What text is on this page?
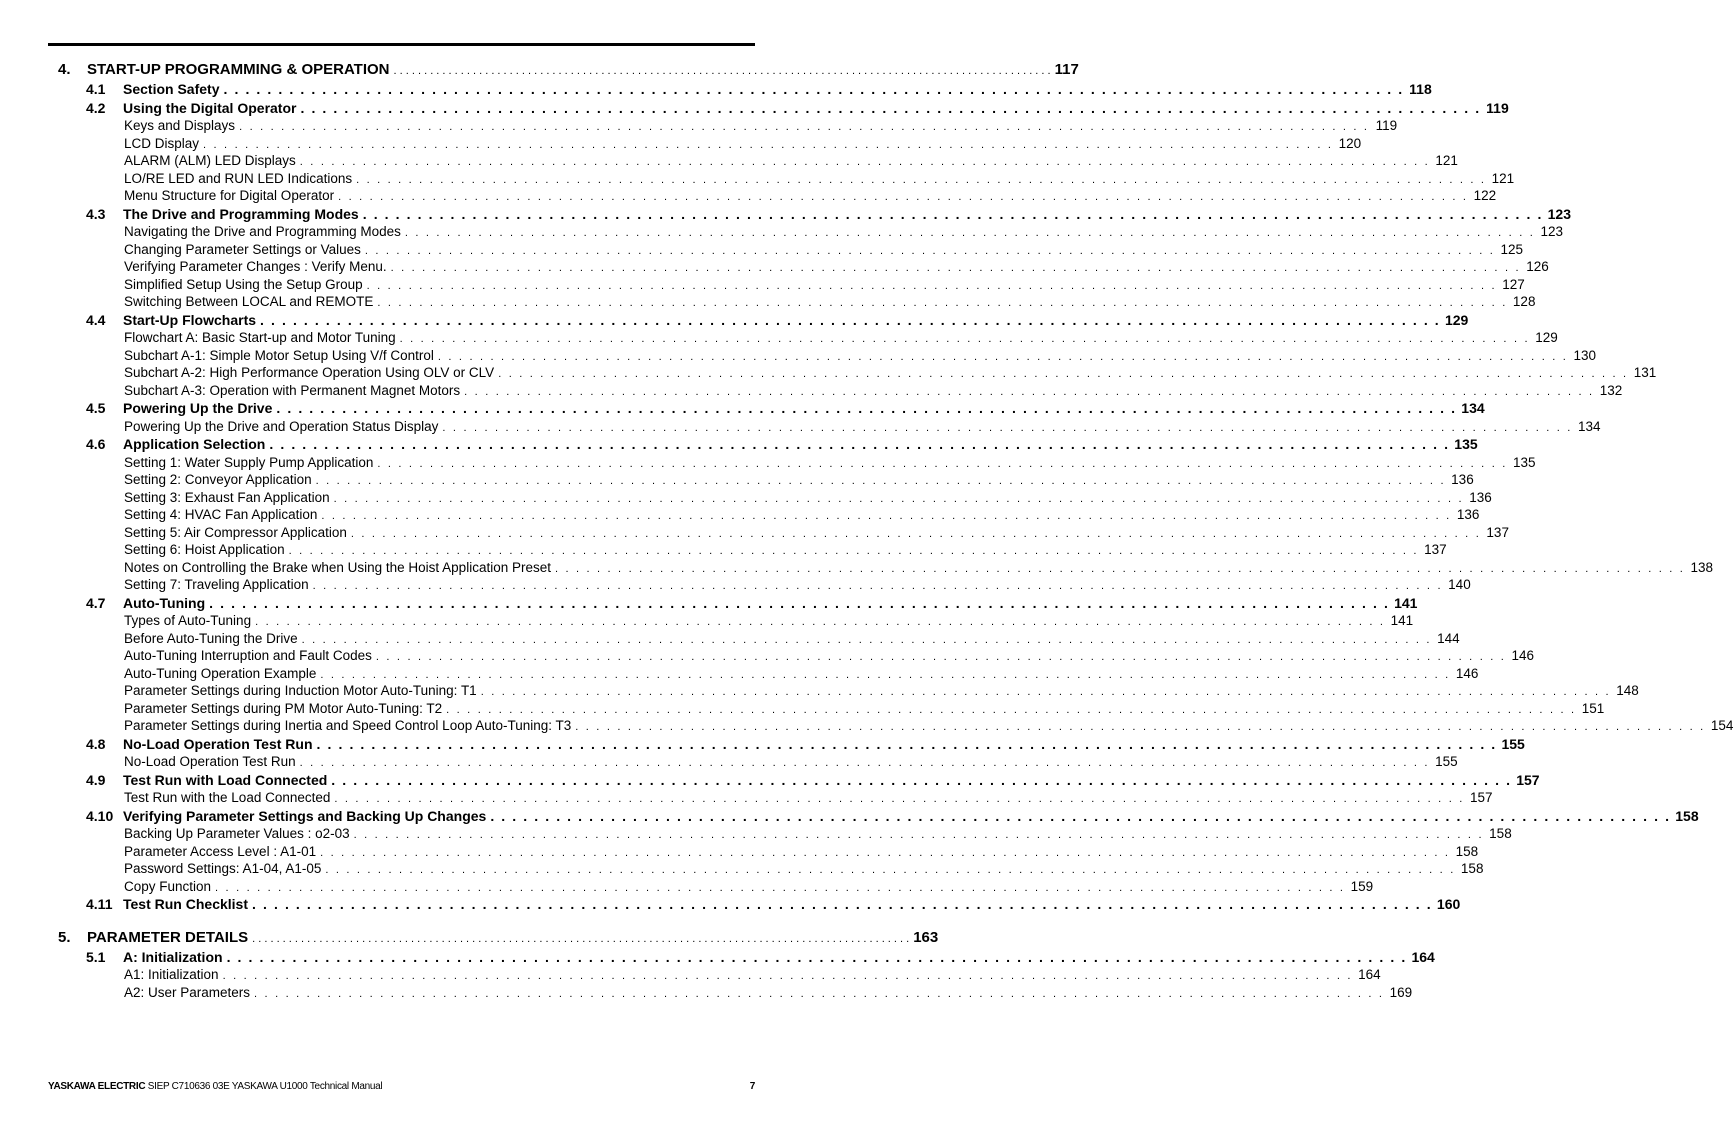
4.	START-UP PROGRAMMING & OPERATION . . . . . . . . . . . . . . . . . . . . . . . . . . . . . . . . . . . . . . . . . . . . . . . . . . . . . . . . . . . . . . . . . . . . . . . . . . . . . . . . . . . . . . . . . . . . . . . . . . . . . . . . . . . . 117
4.1	Section Safety . . . . . . . . . . . . . . . . . . . . . . . . . . . . . . . . . . . . . . . . . . . . . . . . . . . . . . . . . . . . . . . . . . . . . . . . . . . . . . . . . . . . . . . . . . . . . . . . . . . . . . . . . . . . 118
4.2	Using the Digital Operator . . . . . . . . . . . . . . . . . . . . . . . . . . . . . . . . . . . . . . . . . . . . . . . . . . . . . . . . . . . . . . . . . . . . . . . . . . . . . . . . . . . . . . . . . . . . . . . . . . . . . . . . . . . . 119
Keys and Displays . . . . . . . . . . . . . . . . . . . . . . . . . . . . . . . . . . . . . . . . . . . . . . . . . . . . . . . . . . . . . . . . . . . . . . . . . . . . . . . . . . . . . . . . . . . . . . . . . . . . . . . . . . . . 119
LCD Display . . . . . . . . . . . . . . . . . . . . . . . . . . . . . . . . . . . . . . . . . . . . . . . . . . . . . . . . . . . . . . . . . . . . . . . . . . . . . . . . . . . . . . . . . . . . . . . . . . . . . . . . . . . . 120
ALARM (ALM) LED Displays . . . . . . . . . . . . . . . . . . . . . . . . . . . . . . . . . . . . . . . . . . . . . . . . . . . . . . . . . . . . . . . . . . . . . . . . . . . . . . . . . . . . . . . . . . . . . . . . . . . . . . . . . . . . 121
LO/RE LED and RUN LED Indications . . . . . . . . . . . . . . . . . . . . . . . . . . . . . . . . . . . . . . . . . . . . . . . . . . . . . . . . . . . . . . . . . . . . . . . . . . . . . . . . . . . . . . . . . . . . . . . . . . . . . . . . . . . . 121
Menu Structure for Digital Operator . . . . . . . . . . . . . . . . . . . . . . . . . . . . . . . . . . . . . . . . . . . . . . . . . . . . . . . . . . . . . . . . . . . . . . . . . . . . . . . . . . . . . . . . . . . . . . . . . . . . . . . . . . . . 122
4.3	The Drive and Programming Modes . . . . . . . . . . . . . . . . . . . . . . . . . . . . . . . . . . . . . . . . . . . . . . . . . . . . . . . . . . . . . . . . . . . . . . . . . . . . . . . . . . . . . . . . . . . . . . . . . . . . . . . . . . . . 123
Navigating the Drive and Programming Modes . . . . . . . . . . . . . . . . . . . . . . . . . . . . . . . . . . . . . . . . . . . . . . . . . . . . . . . . . . . . . . . . . . . . . . . . . . . . . . . . . . . . . . . . . . . . . . . . . . . . . . . . . . . . 123
Changing Parameter Settings or Values . . . . . . . . . . . . . . . . . . . . . . . . . . . . . . . . . . . . . . . . . . . . . . . . . . . . . . . . . . . . . . . . . . . . . . . . . . . . . . . . . . . . . . . . . . . . . . . . . . . . . . . . . . . . 125
Verifying Parameter Changes : Verify Menu. . . . . . . . . . . . . . . . . . . . . . . . . . . . . . . . . . . . . . . . . . . . . . . . . . . . . . . . . . . . . . . . . . . . . . . . . . . . . . . . . . . . . . . . . . . . . . . . . . . . . . . . . . . . . 126
Simplified Setup Using the Setup Group . . . . . . . . . . . . . . . . . . . . . . . . . . . . . . . . . . . . . . . . . . . . . . . . . . . . . . . . . . . . . . . . . . . . . . . . . . . . . . . . . . . . . . . . . . . . . . . . . . . . . . . . . . . . 127
Switching Between LOCAL and REMOTE . . . . . . . . . . . . . . . . . . . . . . . . . . . . . . . . . . . . . . . . . . . . . . . . . . . . . . . . . . . . . . . . . . . . . . . . . . . . . . . . . . . . . . . . . . . . . . . . . . . . . . . . . . . . 128
4.4	Start-Up Flowcharts . . . . . . . . . . . . . . . . . . . . . . . . . . . . . . . . . . . . . . . . . . . . . . . . . . . . . . . . . . . . . . . . . . . . . . . . . . . . . . . . . . . . . . . . . . . . . . . . . . . . . . . . . . . . 129
Flowchart A: Basic Start-up and Motor Tuning . . . . . . . . . . . . . . . . . . . . . . . . . . . . . . . . . . . . . . . . . . . . . . . . . . . . . . . . . . . . . . . . . . . . . . . . . . . . . . . . . . . . . . . . . . . . . . . . . . . . . . . . . . . . 129
Subchart A-1: Simple Motor Setup Using V/f Control . . . . . . . . . . . . . . . . . . . . . . . . . . . . . . . . . . . . . . . . . . . . . . . . . . . . . . . . . . . . . . . . . . . . . . . . . . . . . . . . . . . . . . . . . . . . . . . . . . . . . . . . . . . . 130
Subchart A-2: High Performance Operation Using OLV or CLV . . . . . . . . . . . . . . . . . . . . . . . . . . . . . . . . . . . . . . . . . . . . . . . . . . . . . . . . . . . . . . . . . . . . . . . . . . . . . . . . . . . . . . . . . . . . . . . . . . . . . . . . . . . . 131
Subchart A-3: Operation with Permanent Magnet Motors . . . . . . . . . . . . . . . . . . . . . . . . . . . . . . . . . . . . . . . . . . . . . . . . . . . . . . . . . . . . . . . . . . . . . . . . . . . . . . . . . . . . . . . . . . . . . . . . . . . . . . . . . . . . 132
4.5	Powering Up the Drive . . . . . . . . . . . . . . . . . . . . . . . . . . . . . . . . . . . . . . . . . . . . . . . . . . . . . . . . . . . . . . . . . . . . . . . . . . . . . . . . . . . . . . . . . . . . . . . . . . . . . . . . . . . . 134
Powering Up the Drive and Operation Status Display . . . . . . . . . . . . . . . . . . . . . . . . . . . . . . . . . . . . . . . . . . . . . . . . . . . . . . . . . . . . . . . . . . . . . . . . . . . . . . . . . . . . . . . . . . . . . . . . . . . . . . . . . . . . 134
4.6	Application Selection . . . . . . . . . . . . . . . . . . . . . . . . . . . . . . . . . . . . . . . . . . . . . . . . . . . . . . . . . . . . . . . . . . . . . . . . . . . . . . . . . . . . . . . . . . . . . . . . . . . . . . . . . . . . 135
Setting 1: Water Supply Pump Application . . . . . . . . . . . . . . . . . . . . . . . . . . . . . . . . . . . . . . . . . . . . . . . . . . . . . . . . . . . . . . . . . . . . . . . . . . . . . . . . . . . . . . . . . . . . . . . . . . . . . . . . . . . . 135
Setting 2: Conveyor Application . . . . . . . . . . . . . . . . . . . . . . . . . . . . . . . . . . . . . . . . . . . . . . . . . . . . . . . . . . . . . . . . . . . . . . . . . . . . . . . . . . . . . . . . . . . . . . . . . . . . . . . . . . . . 136
Setting 3: Exhaust Fan Application . . . . . . . . . . . . . . . . . . . . . . . . . . . . . . . . . . . . . . . . . . . . . . . . . . . . . . . . . . . . . . . . . . . . . . . . . . . . . . . . . . . . . . . . . . . . . . . . . . . . . . . . . . . . 136
Setting 4: HVAC Fan Application . . . . . . . . . . . . . . . . . . . . . . . . . . . . . . . . . . . . . . . . . . . . . . . . . . . . . . . . . . . . . . . . . . . . . . . . . . . . . . . . . . . . . . . . . . . . . . . . . . . . . . . . . . . . 136
Setting 5: Air Compressor Application . . . . . . . . . . . . . . . . . . . . . . . . . . . . . . . . . . . . . . . . . . . . . . . . . . . . . . . . . . . . . . . . . . . . . . . . . . . . . . . . . . . . . . . . . . . . . . . . . . . . . . . . . . . . 137
Setting 6: Hoist Application . . . . . . . . . . . . . . . . . . . . . . . . . . . . . . . . . . . . . . . . . . . . . . . . . . . . . . . . . . . . . . . . . . . . . . . . . . . . . . . . . . . . . . . . . . . . . . . . . . . . . . . . . . . . 137
Notes on Controlling the Brake when Using the Hoist Application Preset . . . . . . . . . . . . . . . . . . . . . . . . . . . . . . . . . . . . . . . . . . . . . . . . . . . . . . . . . . . . . . . . . . . . . . . . . . . . . . . . . . . . . . . . . . . . . . . . . . . . . . . . . . . . 138
Setting 7: Traveling Application . . . . . . . . . . . . . . . . . . . . . . . . . . . . . . . . . . . . . . . . . . . . . . . . . . . . . . . . . . . . . . . . . . . . . . . . . . . . . . . . . . . . . . . . . . . . . . . . . . . . . . . . . . . . 140
4.7	Auto-Tuning . . . . . . . . . . . . . . . . . . . . . . . . . . . . . . . . . . . . . . . . . . . . . . . . . . . . . . . . . . . . . . . . . . . . . . . . . . . . . . . . . . . . . . . . . . . . . . . . . . . . . . . . . . . . 141
Types of Auto-Tuning . . . . . . . . . . . . . . . . . . . . . . . . . . . . . . . . . . . . . . . . . . . . . . . . . . . . . . . . . . . . . . . . . . . . . . . . . . . . . . . . . . . . . . . . . . . . . . . . . . . . . . . . . . . . 141
Before Auto-Tuning the Drive . . . . . . . . . . . . . . . . . . . . . . . . . . . . . . . . . . . . . . . . . . . . . . . . . . . . . . . . . . . . . . . . . . . . . . . . . . . . . . . . . . . . . . . . . . . . . . . . . . . . . . . . . . . . 144
Auto-Tuning Interruption and Fault Codes . . . . . . . . . . . . . . . . . . . . . . . . . . . . . . . . . . . . . . . . . . . . . . . . . . . . . . . . . . . . . . . . . . . . . . . . . . . . . . . . . . . . . . . . . . . . . . . . . . . . . . . . . . . . 146
Auto-Tuning Operation Example . . . . . . . . . . . . . . . . . . . . . . . . . . . . . . . . . . . . . . . . . . . . . . . . . . . . . . . . . . . . . . . . . . . . . . . . . . . . . . . . . . . . . . . . . . . . . . . . . . . . . . . . . . . . 146
Parameter Settings during Induction Motor Auto-Tuning: T1 . . . . . . . . . . . . . . . . . . . . . . . . . . . . . . . . . . . . . . . . . . . . . . . . . . . . . . . . . . . . . . . . . . . . . . . . . . . . . . . . . . . . . . . . . . . . . . . . . . . . . . . . . . . . 148
Parameter Settings during PM Motor Auto-Tuning: T2 . . . . . . . . . . . . . . . . . . . . . . . . . . . . . . . . . . . . . . . . . . . . . . . . . . . . . . . . . . . . . . . . . . . . . . . . . . . . . . . . . . . . . . . . . . . . . . . . . . . . . . . . . . . . 151
Parameter Settings during Inertia and Speed Control Loop Auto-Tuning: T3 . . . . . . . . . . . . . . . . . . . . . . . . . . . . . . . . . . . . . . . . . . . . . . . . . . . . . . . . . . . . . . . . . . . . . . . . . . . . . . . . . . . . . . . . . . . . . . . . . . . . . . . . . . . . 154
4.8	No-Load Operation Test Run . . . . . . . . . . . . . . . . . . . . . . . . . . . . . . . . . . . . . . . . . . . . . . . . . . . . . . . . . . . . . . . . . . . . . . . . . . . . . . . . . . . . . . . . . . . . . . . . . . . . . . . . . . . . 155
No-Load Operation Test Run . . . . . . . . . . . . . . . . . . . . . . . . . . . . . . . . . . . . . . . . . . . . . . . . . . . . . . . . . . . . . . . . . . . . . . . . . . . . . . . . . . . . . . . . . . . . . . . . . . . . . . . . . . . . 155
4.9	Test Run with Load Connected . . . . . . . . . . . . . . . . . . . . . . . . . . . . . . . . . . . . . . . . . . . . . . . . . . . . . . . . . . . . . . . . . . . . . . . . . . . . . . . . . . . . . . . . . . . . . . . . . . . . . . . . . . . . 157
Test Run with the Load Connected . . . . . . . . . . . . . . . . . . . . . . . . . . . . . . . . . . . . . . . . . . . . . . . . . . . . . . . . . . . . . . . . . . . . . . . . . . . . . . . . . . . . . . . . . . . . . . . . . . . . . . . . . . . . 157
4.10 Verifying Parameter Settings and Backing Up Changes . . . . . . . . . . . . . . . . . . . . . . . . . . . . . . . . . . . . . . . . . . . . . . . . . . . . . . . . . . . . . . . . . . . . . . . . . . . . . . . . . . . . . . . . . . . . . . . . . . . . . . . . . . . . 158
Backing Up Parameter Values : o2-03 . . . . . . . . . . . . . . . . . . . . . . . . . . . . . . . . . . . . . . . . . . . . . . . . . . . . . . . . . . . . . . . . . . . . . . . . . . . . . . . . . . . . . . . . . . . . . . . . . . . . . . . . . . . . 158
Parameter Access Level : A1-01 . . . . . . . . . . . . . . . . . . . . . . . . . . . . . . . . . . . . . . . . . . . . . . . . . . . . . . . . . . . . . . . . . . . . . . . . . . . . . . . . . . . . . . . . . . . . . . . . . . . . . . . . . . . . 158
Password Settings: A1-04, A1-05 . . . . . . . . . . . . . . . . . . . . . . . . . . . . . . . . . . . . . . . . . . . . . . . . . . . . . . . . . . . . . . . . . . . . . . . . . . . . . . . . . . . . . . . . . . . . . . . . . . . . . . . . . . . . 158
Copy Function . . . . . . . . . . . . . . . . . . . . . . . . . . . . . . . . . . . . . . . . . . . . . . . . . . . . . . . . . . . . . . . . . . . . . . . . . . . . . . . . . . . . . . . . . . . . . . . . . . . . . . . . . . . . 159
4.11 Test Run Checklist . . . . . . . . . . . . . . . . . . . . . . . . . . . . . . . . . . . . . . . . . . . . . . . . . . . . . . . . . . . . . . . . . . . . . . . . . . . . . . . . . . . . . . . . . . . . . . . . . . . . . . . . . . . . 160
5.	PARAMETER DETAILS . . . . . . . . . . . . . . . . . . . . . . . . . . . . . . . . . . . . . . . . . . . . . . . . . . . . . . . . . . . . . . . . . . . . . . . . . . . . . . . . . . . . . . . . . . . . . . . . . . . . . . . . . . . . 163
5.1	A: Initialization . . . . . . . . . . . . . . . . . . . . . . . . . . . . . . . . . . . . . . . . . . . . . . . . . . . . . . . . . . . . . . . . . . . . . . . . . . . . . . . . . . . . . . . . . . . . . . . . . . . . . . . . . . . . 164
A1: Initialization . . . . . . . . . . . . . . . . . . . . . . . . . . . . . . . . . . . . . . . . . . . . . . . . . . . . . . . . . . . . . . . . . . . . . . . . . . . . . . . . . . . . . . . . . . . . . . . . . . . . . . . . . . . . 164
A2: User Parameters . . . . . . . . . . . . . . . . . . . . . . . . . . . . . . . . . . . . . . . . . . . . . . . . . . . . . . . . . . . . . . . . . . . . . . . . . . . . . . . . . . . . . . . . . . . . . . . . . . . . . . . . . . . . 169
YASKAWA ELECTRIC SIEP C710636 03E YASKAWA U1000 Technical Manual	7
